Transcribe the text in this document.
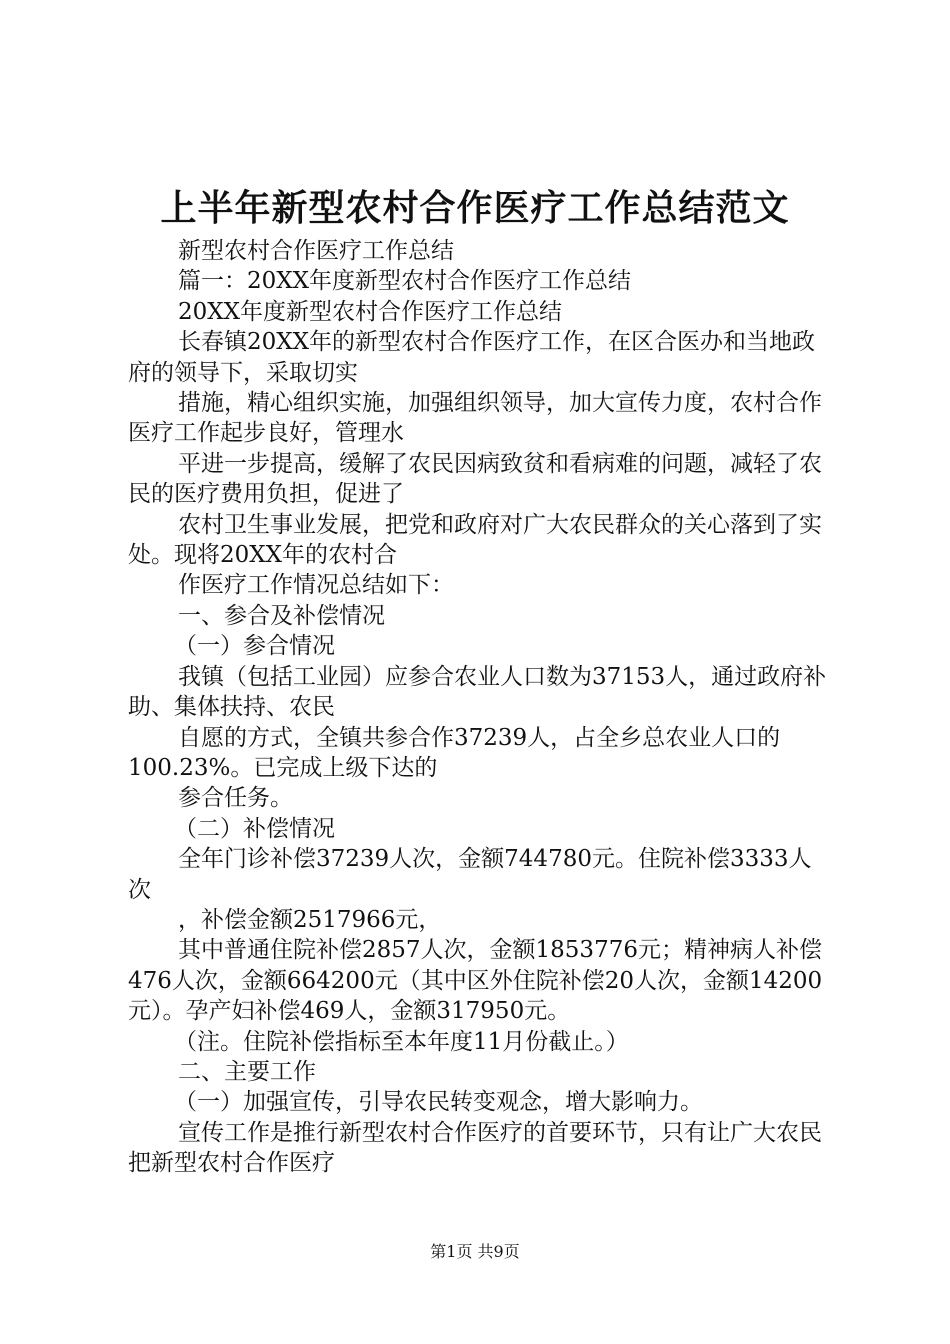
上半年新型农村合作医疗工作总结范文

新型农村合作医疗工作总结

篇一：20XX年度新型农村合作医疗工作总结

20XX年度新型农村合作医疗工作总结

长春镇20XX年的新型农村合作医疗工作，在区合医办和当地政府的领导下，采取切实

措施，精心组织实施，加强组织领导，加大宣传力度，农村合作医疗工作起步良好，管理水

平进一步提高，缓解了农民因病致贫和看病难的问题，减轻了农民的医疗费用负担，促进了

农村卫生事业发展，把党和政府对广大农民群众的关心落到了实处。现将20XX年的农村合

作医疗工作情况总结如下：

一、参合及补偿情况

（一）参合情况

我镇（包括工业园）应参合农业人口数为37153人，通过政府补助、集体扶持、农民

自愿的方式，全镇共参合作37239人，占全乡总农业人口的100.23%。已完成上级下达的

参合任务。

（二）补偿情况

全年门诊补偿37239人次，金额744780元。住院补偿3333人次

，补偿金额2517966元，

其中普通住院补偿2857人次，金额1853776元；精神病人补偿476人次，金额664200元（其中区外住院补偿20人次，金额14200元）。孕产妇补偿469人，金额317950元。

（注。住院补偿指标至本年度11月份截止。）

二、主要工作

（一）加强宣传，引导农民转变观念，增大影响力。

宣传工作是推行新型农村合作医疗的首要环节，只有让广大农民把新型农村合作医疗

第1页 共9页
